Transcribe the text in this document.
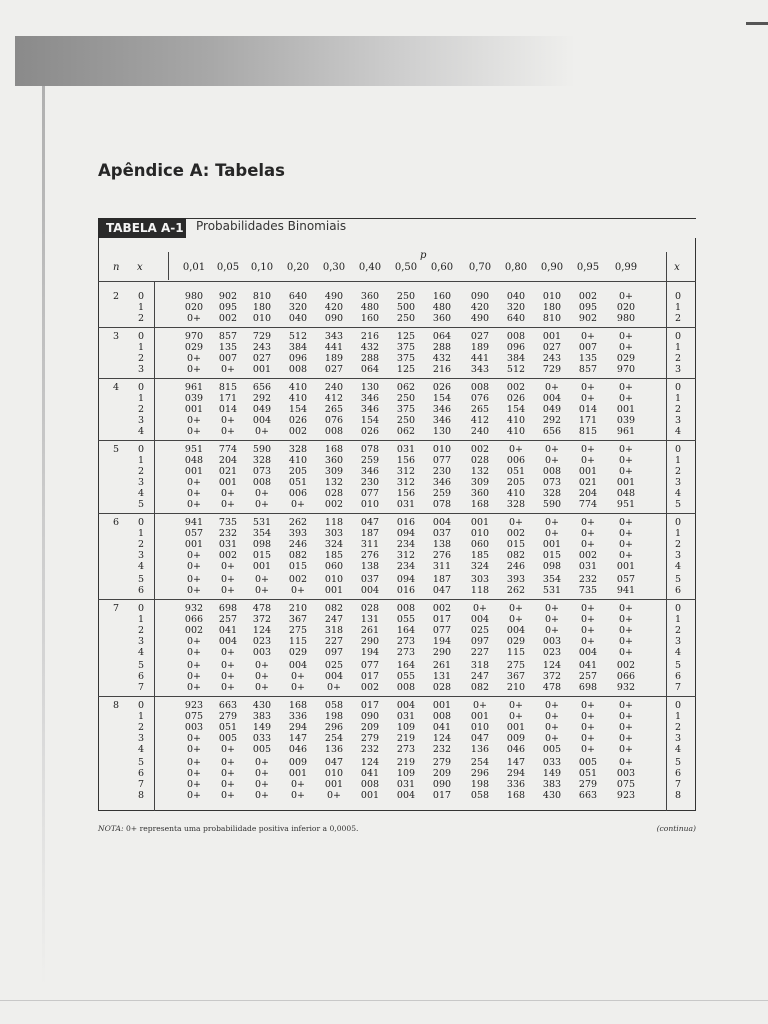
Apêndice A: Tabelas
TABELA A-1 Probabilidades Binomiais
p
n x	0,01	0,05	0,10	0,20	0,30	0,40	0,50	0,60	0,70	0,80	0,90	0,95	0,99	x
2	0	980	902	810	640	490	360	250	160	090	040	010	002	0+	0
1	020	095	180	320	420	480	500	480	420	320	180	095	020	1
2	0+	002	010	040	090	160	250	360	490	640	810	902	980	2
3	0	970	857	729	512	343	216	125	064	027	008	001	0+	0+	0
1	029	135	243	384	441	432	375	288	189	096	027	007	0+	1
2	0+	007	027	096	189	288	375	432	441	384	243	135	029	2
3	0+	0+	001	008	027	064	125	216	343	512	729	857	970	3
4	0	961	815	656	410	240	130	062	026	008	002	0+	0+	0+	0
1	039	171	292	410	412	346	250	154	076	026	004	0+	0+	1
2	001	014	049	154	265	346	375	346	265	154	049	014	001	2
3	0+	0+	004	026	076	154	250	346	412	410	292	171	039	3
4	0+	0+	0+	002	008	026	062	130	240	410	656	815	961	4
5	0	951	774	590	328	168	078	031	010	002	0+	0+	0+	0+	0
1	048	204	328	410	360	259	156	077	028	006	0+	0+	0+	1
2	001	021	073	205	309	346	312	230	132	051	008	001	0+	2
3	0+	001	008	051	132	230	312	346	309	205	073	021	001	3
4	0+	0+	0+	006	028	077	156	259	360	410	328	204	048	4
5	0+	0+	0+	0+	002	010	031	078	168	328	590	774	951	5
6	0	941	735	531	262	118	047	016	004	001	0+	0+	0+	0+	0
1	057	232	354	393	303	187	094	037	010	002	0+	0+	0+	1
2	001	031	098	246	324	311	234	138	060	015	001	0+	0+	2
3	0+	002	015	082	185	276	312	276	185	082	015	002	0+	3
4	0+	0+	001	015	060	138	234	311	324	246	098	031	001	4
5	0+	0+	0+	002	010	037	094	187	303	393	354	232	057	5
6	0+	0+	0+	0+	001	004	016	047	118	262	531	735	941	6
7	0	932	698	478	210	082	028	008	002	0+	0+	0+	0+	0+	0
1	066	257	372	367	247	131	055	017	004	0+	0+	0+	0+	1
2	002	041	124	275	318	261	164	077	025	004	0+	0+	0+	2
3	0+	004	023	115	227	290	273	194	097	029	003	0+	0+	3
4	0+	0+	003	029	097	194	273	290	227	115	023	004	0+	4
5	0+	0+	0+	004	025	077	164	261	318	275	124	041	002	5
6	0+	0+	0+	0+	004	017	055	131	247	367	372	257	066	6
7	0+	0+	0+	0+	0+	002	008	028	082	210	478	698	932	7
8	0	923	663	430	168	058	017	004	001	0+	0+	0+	0+	0+	0
1	075	279	383	336	198	090	031	008	001	0+	0+	0+	0+	1
2	003	051	149	294	296	209	109	041	010	001	0+	0+	0+	2
3	0+	005	033	147	254	279	219	124	047	009	0+	0+	0+	3
4	0+	0+	005	046	136	232	273	232	136	046	005	0+	0+	4
5	0+	0+	0+	009	047	124	219	279	254	147	033	005	0+	5
6	0+	0+	0+	001	010	041	109	209	296	294	149	051	003	6
7	0+	0+	0+	0+	001	008	031	090	198	336	383	279	075	7
8	0+	0+	0+	0+	0+	001	004	017	058	168	430	663	923	8
NOTA: 0+ representa uma probabilidade positiva inferior a 0,0005.	(continua)
